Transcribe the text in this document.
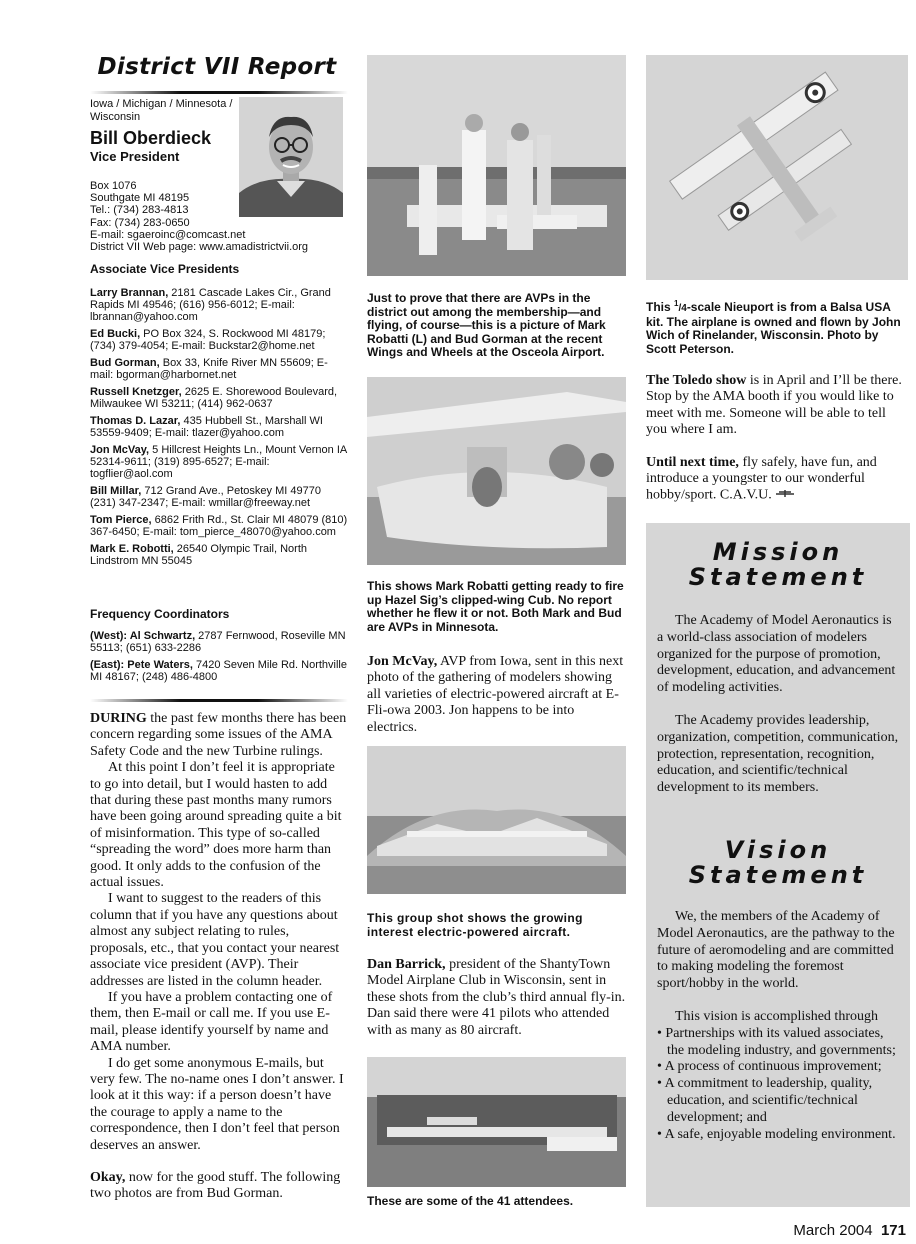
District VII Report
Iowa / Michigan / Minnesota / Wisconsin
Bill Oberdieck
Vice President
Box 1076
Southgate MI 48195
Tel.: (734) 283-4813
Fax: (734) 283-0650
E-mail: sgaeroinc@comcast.net
District VII Web page: www.amadistrictvii.org
Associate Vice Presidents
Larry Brannan, 2181 Cascade Lakes Cir., Grand Rapids MI 49546; (616) 956-6012; E-mail: lbrannan@yahoo.com
Ed Bucki, PO Box 324, S. Rockwood MI 48179; (734) 379-4054; E-mail: Buckstar2@home.net
Bud Gorman, Box 33, Knife River MN 55609; E-mail: bgorman@harbornet.net
Russell Knetzger, 2625 E. Shorewood Boulevard, Milwaukee WI 53211; (414) 962-0637
Thomas D. Lazar, 435 Hubbell St., Marshall WI 53559-9409; E-mail: tlazer@yahoo.com
Jon McVay, 5 Hillcrest Heights Ln., Mount Vernon IA 52314-9611; (319) 895-6527; E-mail: togflier@aol.com
Bill Millar, 712 Grand Ave., Petoskey MI 49770 (231) 347-2347; E-mail: wmillar@freeway.net
Tom Pierce, 6862 Frith Rd., St. Clair MI 48079 (810) 367-6450; E-mail: tom_pierce_48070@yahoo.com
Mark E. Robotti, 26540 Olympic Trail, North Lindstrom MN 55045
Frequency Coordinators
(West): Al Schwartz, 2787 Fernwood, Roseville MN 55113; (651) 633-2286
(East): Pete Waters, 7420 Seven Mile Rd. Northville MI 48167; (248) 486-4800

DURING the past few months there has been concern regarding some issues of the AMA Safety Code and the new Turbine rulings.

At this point I don’t feel it is appropriate to go into detail, but I would hasten to add that during these past months many rumors have been going around spreading quite a bit of misinformation. This type of so-called “spreading the word” does more harm than good. It only adds to the confusion of the actual issues.

I want to suggest to the readers of this column that if you have any questions about almost any subject relating to rules, proposals, etc., that you contact your nearest associate vice president (AVP). Their addresses are listed in the column header.

If you have a problem contacting one of them, then E-mail or call me. If you use E-mail, please identify yourself by name and AMA number.

I do get some anonymous E-mails, but very few. The no-name ones I don’t answer. I look at it this way: if a person doesn’t have the courage to apply a name to the correspondence, then I don’t feel that person deserves an answer.

Okay, now for the good stuff. The following two photos are from Bud Gorman.

Just to prove that there are AVPs in the district out among the membership—and flying, of course—this is a picture of Mark Robatti (L) and Bud Gorman at the recent Wings and Wheels at the Osceola Airport.
This shows Mark Robatti getting ready to fire up Hazel Sig’s clipped-wing Cub. No report whether he flew it or not. Both Mark and Bud are AVPs in Minnesota.

Jon McVay, AVP from Iowa, sent in this next photo of the gathering of modelers showing all varieties of electric-powered aircraft at E-Fli-owa 2003. Jon happens to be into electrics.

This group shot shows the growing interest electric-powered aircraft.

Dan Barrick, president of the ShantyTown Model Airplane Club in Wisconsin, sent in these shots from the club’s third annual fly-in. Dan said there were 41 pilots who attended with as many as 80 aircraft.

These are some of the 41 attendees.
This $^1$/4-scale Nieuport is from a Balsa USA kit. The airplane is owned and flown by John Wich of Rinelander, Wisconsin. Photo by Scott Peterson.

The Toledo show is in April and I’ll be there. Stop by the AMA booth if you would like to meet with me. Someone will be able to tell you where I am.

Until next time, fly safely, have fun, and introduce a youngster to our wonderful hobby/sport. C.A.V.U.

Mission
Statement

The Academy of Model Aeronautics is a world-class association of modelers organized for the purpose of promotion, development, education, and advancement of modeling activities.

The Academy provides leadership, organization, competition, communication, protection, representation, recognition, education, and scientific/technical development to its members.

Vision
Statement

We, the members of the Academy of Model Aeronautics, are the pathway to the future of aeromodeling and are committed to making modeling the foremost sport/hobby in the world.

This vision is accomplished through

• Partnerships with its valued associates, the modeling industry, and governments;

• A process of continuous improvement;

• A commitment to leadership, quality, education, and scientific/technical development; and

• A safe, enjoyable modeling environment.

March 2004 171
